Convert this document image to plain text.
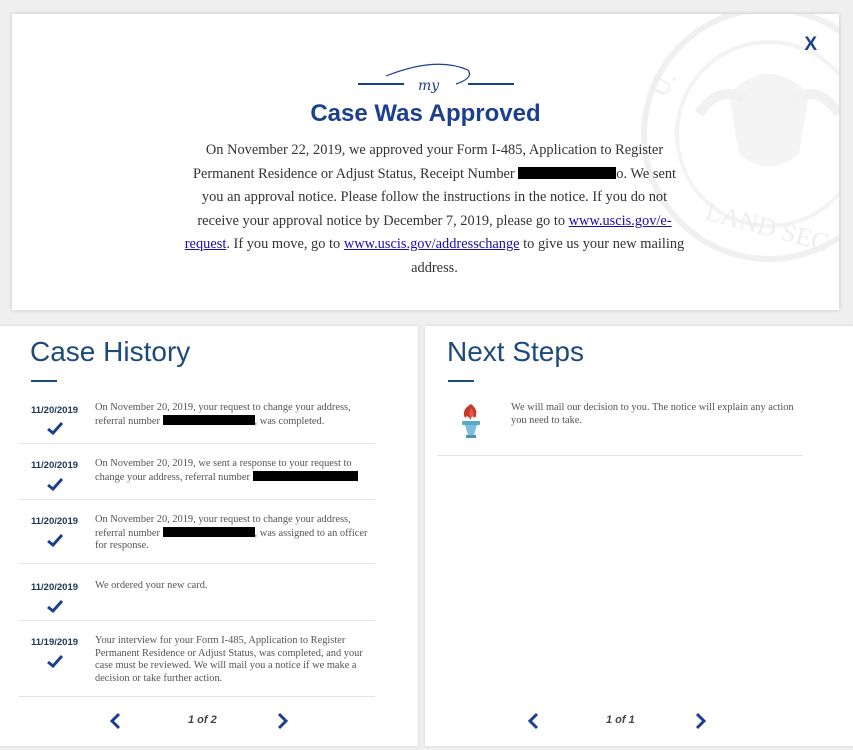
U.
LAND SEC
X
my
Case Was Approved

On November 22, 2019, we approved your Form I-485, Application to Register Permanent Residence or Adjust Status, Receipt Number	o. We sent you an approval notice. Please follow the instructions in the notice. If you do not receive your approval notice by December 7, 2019, please go to www.uscis.gov/e-request. If you move, go to www.uscis.gov/addresschange to give us your new mailing address.

Case History
11/20/2019 On November 20, 2019, your request to change your address, referral number	, was completed.
11/20/2019 On November 20, 2019, we sent a response to your request to change your address, referral number
11/20/2019 On November 20, 2019, your request to change your address, referral number	, was assigned to an officer for response.
11/20/2019 We ordered your new card.
11/19/2019 Your interview for your Form I-485, Application to Register Permanent Residence or Adjust Status, was completed, and your case must be reviewed. We will mail you a notice if we make a decision or take further action.
1 of 2
Next Steps
We will mail our decision to you. The notice will explain any action you need to take.
1 of 1
